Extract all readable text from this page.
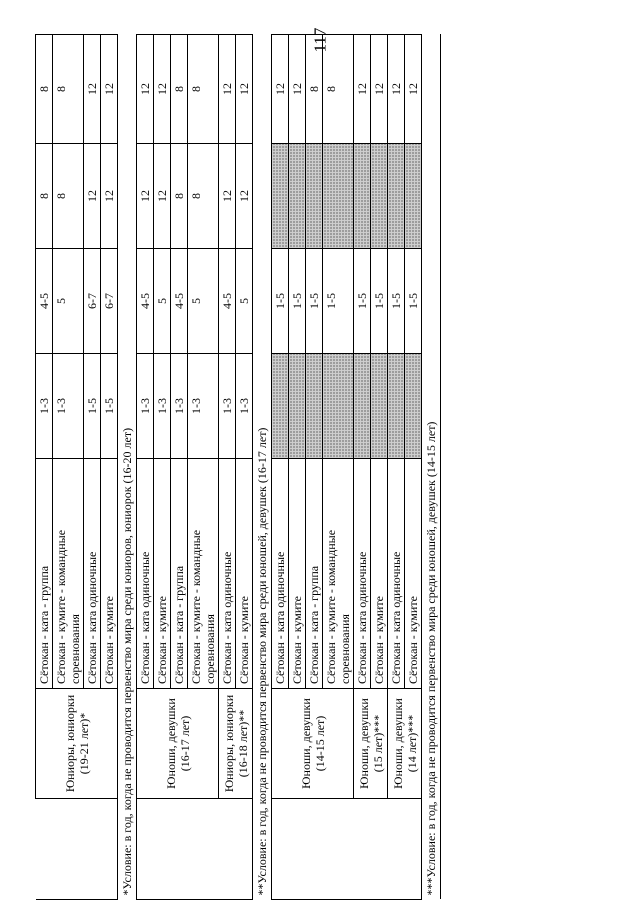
117
	Юниоры, юниорки (19-21 лет)*	Сётокан - ката - группа	1-3	4-5	8	8
		Сётокан - кумите - командные соревнования	1-3	5	8	8
		Сётокан - ката одиночные	1-5	6-7	12	12
		Сётокан - кумите	1-5	6-7	12	12
*Условие: в год, когда не проводится первенство мира среди юниоров, юниорок (16-20 лет)						
	Юноши, девушки (16-17 лет)	Сётокан - ката одиночные	1-3	4-5	12	12
		Сётокан - кумите	1-3	5	12	12
		Сётокан - ката - группа	1-3	4-5	8	8
		Сётокан - кумите - командные соревнования	1-3	5	8	8
	Юниоры, юниорки (16-18 лет)**	Сётокан - ката одиночные	1-3	4-5	12	12
		Сётокан - кумите	1-3	5	12	12
**Условие: в год, когда не проводится первенство мира среди юношей, девушек (16-17 лет)						
	Юноши, девушки (14-15 лет)	Сётокан - ката одиночные		1-5		12
		Сётокан - кумите		1-5		12
		Сётокан - ката - группа		1-5		8
		Сётокан - кумите - командные соревнования		1-5		8
	Юноши, девушки (15 лет)***	Сётокан - ката одиночные		1-5		12
		Сётокан - кумите		1-5		12
	Юноши, девушки (14 лет)***	Сётокан - ката одиночные		1-5		12
		Сётокан - кумите		1-5		12
***Условие: в год, когда не проводится первенство мира среди юношей, девушек (14-15 лет)						
